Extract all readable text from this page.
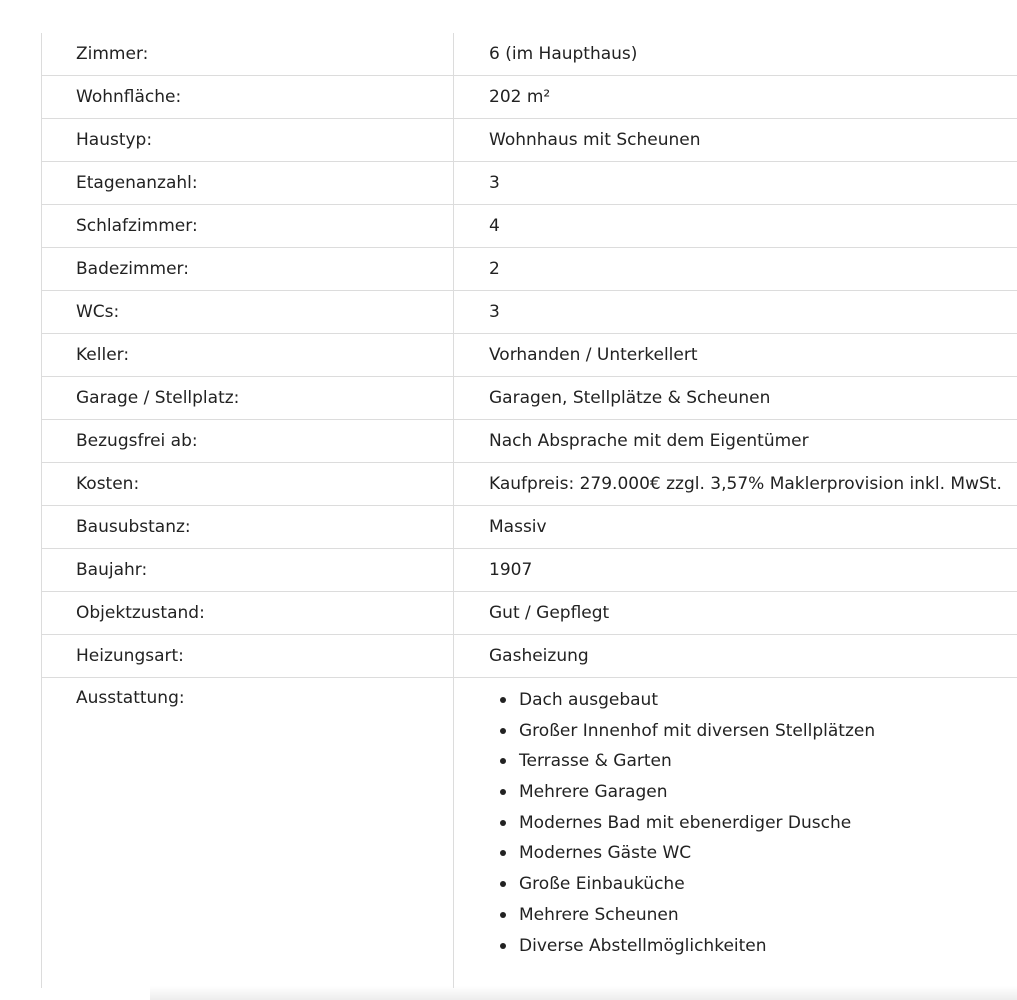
Zimmer:	6 (im Haupthaus)
Wohnfläche:	202 m²
Haustyp:	Wohnhaus mit Scheunen
Etagenanzahl:	3
Schlafzimmer:	4
Badezimmer:	2
WCs:	3
Keller:	Vorhanden / Unterkellert
Garage / Stellplatz:	Garagen, Stellplätze & Scheunen
Bezugsfrei ab:	Nach Absprache mit dem Eigentümer
Kosten:	Kaufpreis: 279.000€ zzgl. 3,57% Maklerprovision inkl. MwSt.
Bausubstanz:	Massiv
Baujahr:	1907
Objektzustand:	Gut / Gepflegt
Heizungsart:	Gasheizung
Ausstattung:	Dach ausgebaut
Großer Innenhof mit diversen Stellplätzen
Terrasse & Garten
Mehrere Garagen
Modernes Bad mit ebenerdiger Dusche
Modernes Gäste WC
Große Einbauküche
Mehrere Scheunen
Diverse Abstellmöglichkeiten
